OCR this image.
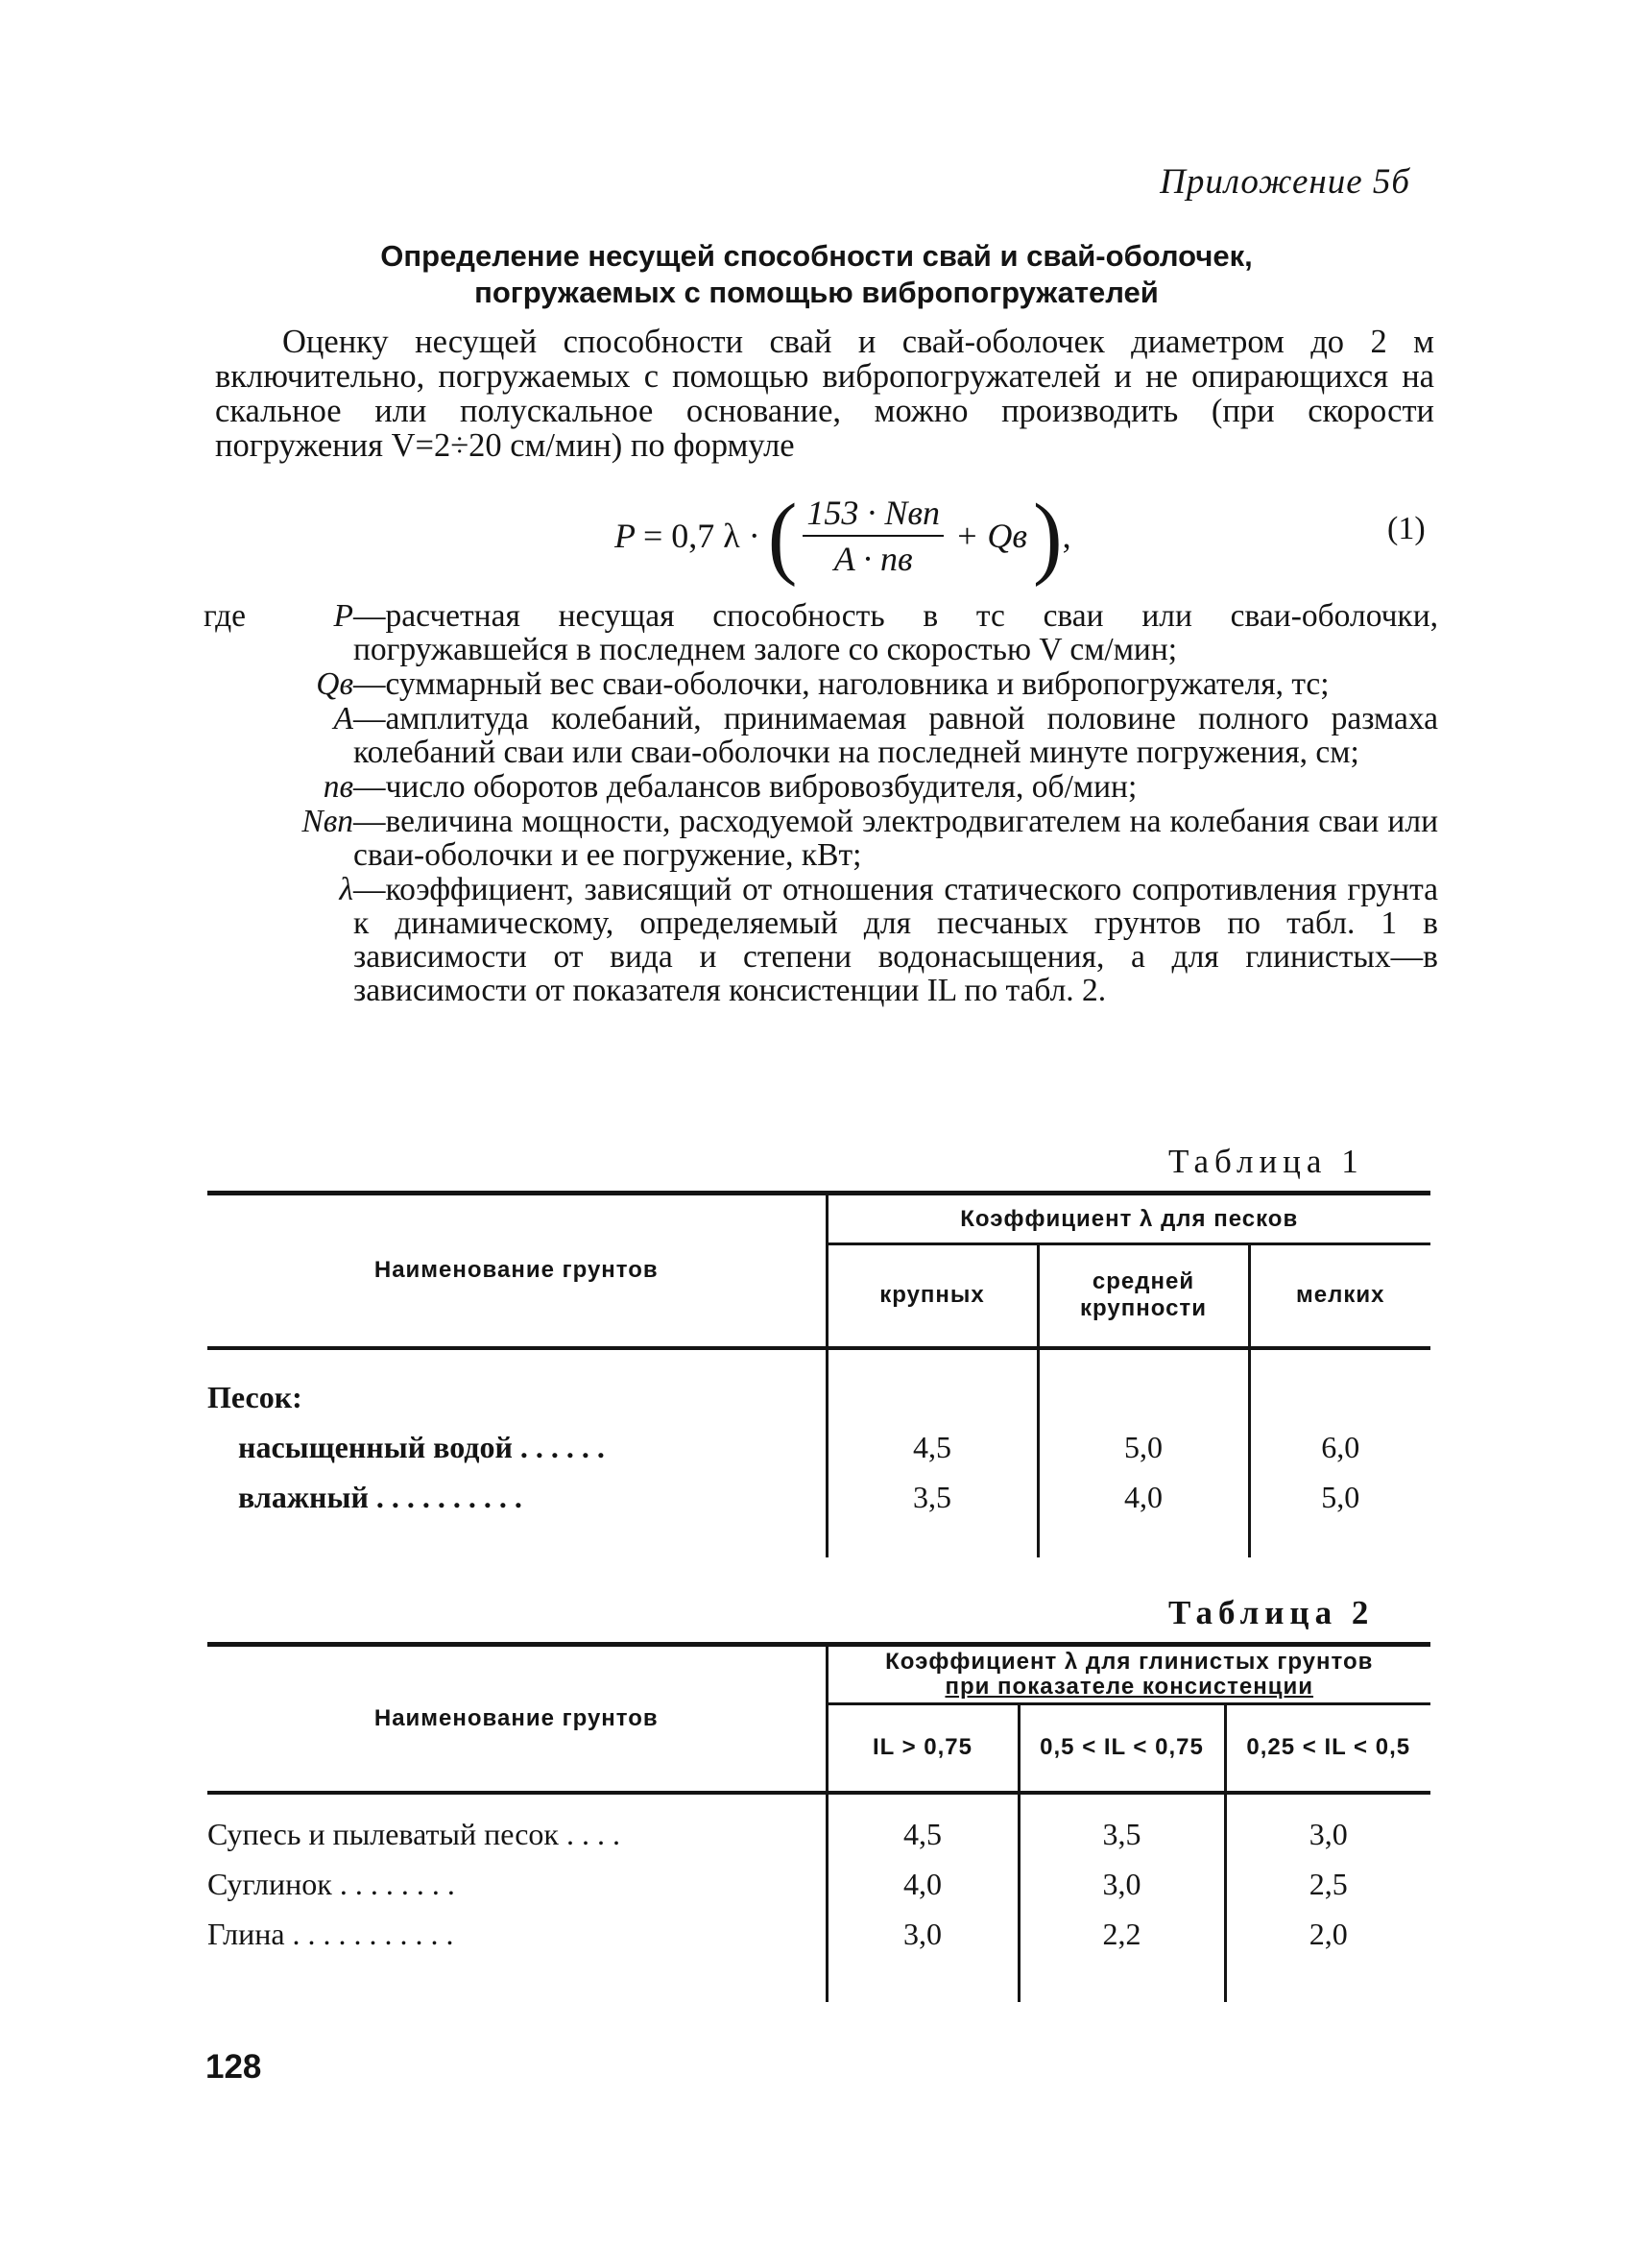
Приложение 5б
Определение несущей способности свай и свай-оболочек,
погружаемых с помощью вибропогружателей
Оценку несущей способности свай и свай-оболочек диаметром до 2 м включительно, погружаемых с помощью вибропогружателей и не опирающихся на скальное или полускальное основание, можно производить (при скорости погружения V=2÷20 см/мин) по формуле
P = 0,7 λ · ( $\frac{\text{153 · Nвп}}{A \cdot nв}$ + Qв ) ,	(1)
где	P —расчетная несущая способность в тс сваи или сваи-оболочки, погружавшейся в последнем залоге со скоростью V см/мин;
Qв —суммарный вес сваи-оболочки, наголовника и вибропогружателя, тс;
A —амплитуда колебаний, принимаемая равной половине полного размаха колебаний сваи или сваи-оболочки на последней минуте погружения, см;
nв —число оборотов дебалансов вибровозбудителя, об/мин;
Nвп —величина мощности, расходуемой электродвигателем на колебания сваи или сваи-оболочки и ее погружение, кВт;
λ —коэффициент, зависящий от отношения статического сопротивления грунта к динамическому, определяемый для песчаных грунтов по табл. 1 в зависимости от вида и степени водонасыщения, а для глинистых—в зависимости от показателя консистенции IL по табл. 2.
Таблица 1
Наименование грунтов	Коэффициент λ для песков		
	крупных	средней крупности	мелких

Песок:			
насыщенный водой . . . . . .	4,5	5,0	6,0
влажный . . . . . . . . . .	3,5	4,0	5,0

Таблица 2
Наименование грунтов	Коэффициент λ для глинистых грунтов
при показателе консистенции		

	IL > 0,75	0,5 < IL < 0,75	0,25 < IL < 0,5

Супесь и пылеватый песок . . . .	4,5	3,5	3,0
Суглинок . . . . . . . .	4,0	3,0	2,5
Глина . . . . . . . . . . .	3,0	2,2	2,0

128
